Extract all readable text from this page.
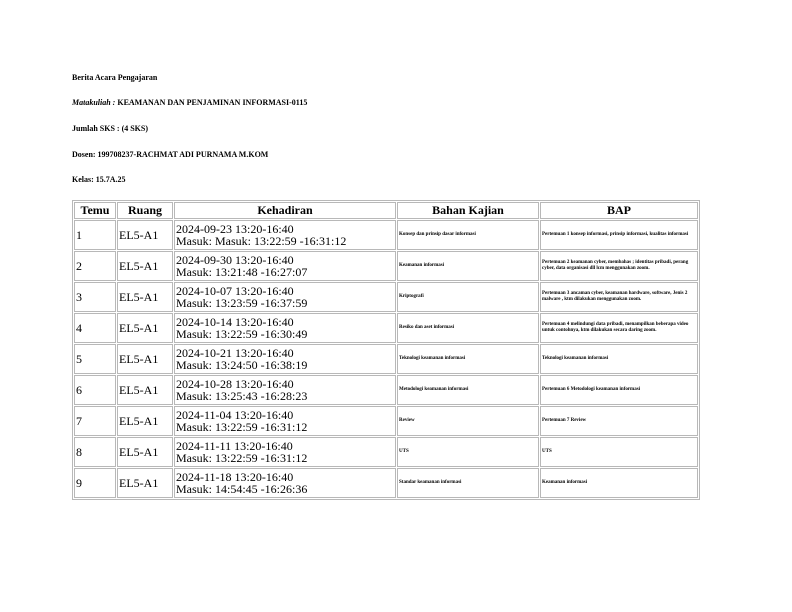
Berita Acara Pengajaran
Matakuliah : KEAMANAN DAN PENJAMINAN INFORMASI-0115
Jumlah SKS : (4 SKS)
Dosen: 199708237-RACHMAT ADI PURNAMA M.KOM
Kelas: 15.7A.25
Temu	Ruang	Kehadiran	Bahan Kajian	BAP
1	EL5-A1	2024-09-23 13:20-16:40
Masuk: Masuk: 13:22:59 -16:31:12	Konsep dan prinsip dasar informasi	Pertemuan 1 konsep informasi, prinsip informasi, kualitas informasi
2	EL5-A1	2024-09-30 13:20-16:40
Masuk: 13:21:48 -16:27:07	Keamanan informasi	Pertemuan 2 keamanan cyber, membahas ; identitas pribadi, perang cyber, data organisasi dll lcm menggunakan zoom.
3	EL5-A1	2024-10-07 13:20-16:40
Masuk: 13:23:59 -16:37:59	Kriptografi	Pertemuan 3 ancaman cyber, keamanan hardware, software, Jenis 2 malware , ktm dilakukan menggunakan zoom.
4	EL5-A1	2024-10-14 13:20-16:40
Masuk: 13:22:59 -16:30:49	Resiko dan aset informasi	Pertemuan 4 melindungi data pribadi, menampilkan beberapa video untuk contohnya, ktm dilakukan secara daring zoom.
5	EL5-A1	2024-10-21 13:20-16:40
Masuk: 13:24:50 -16:38:19	Teknologi keamanan informasi	Teknologi keamanan informasi
6	EL5-A1	2024-10-28 13:20-16:40
Masuk: 13:25:43 -16:28:23	Metodologi keamanan informasi	Pertemuan 6 Metodologi keamanan informasi
7	EL5-A1	2024-11-04 13:20-16:40
Masuk: 13:22:59 -16:31:12	Review	Pertemuan 7 Review
8	EL5-A1	2024-11-11 13:20-16:40
Masuk: 13:22:59 -16:31:12	UTS	UTS
9	EL5-A1	2024-11-18 13:20-16:40
Masuk: 14:54:45 -16:26:36	Standar keamanan informasi	Keamanan informasi
